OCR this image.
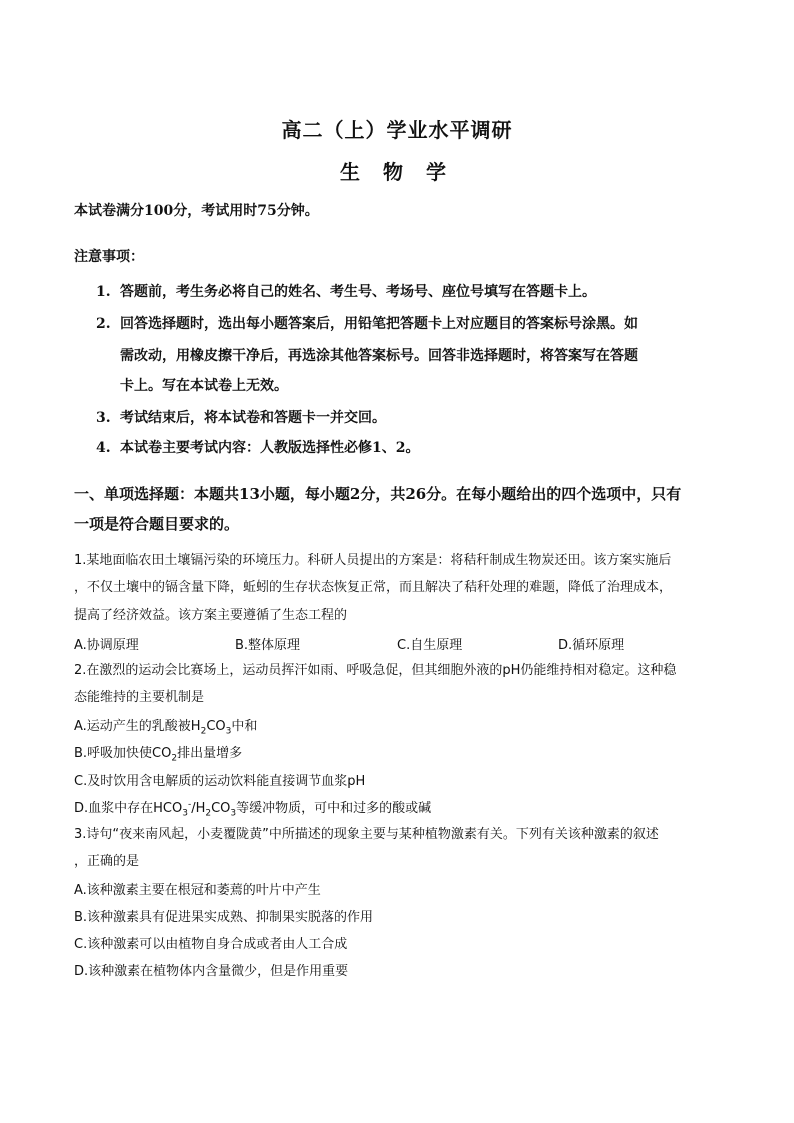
高二（上）学业水平调研
生 物 学
本试卷满分100分，考试用时75分钟。
注意事项：
1. 答题前，考生务必将自己的姓名、考生号、考场号、座位号填写在答题卡上。
2. 回答选择题时，选出每小题答案后，用铅笔把答题卡上对应题目的答案标号涂黑。如
需改动，用橡皮擦干净后，再选涂其他答案标号。回答非选择题时，将答案写在答题
卡上。写在本试卷上无效。
3. 考试结束后，将本试卷和答题卡一并交回。
4. 本试卷主要考试内容：人教版选择性必修1、2。
一、单项选择题：本题共13小题，每小题2分，共26分。在每小题给出的四个选项中，只有
一项是符合题目要求的。
1.某地面临农田土壤镉污染的环境压力。科研人员提出的方案是：将秸秆制成生物炭还田。该方案实施后
，不仅土壤中的镉含量下降，蚯蚓的生存状态恢复正常，而且解决了秸秆处理的难题，降低了治理成本，
提高了经济效益。该方案主要遵循了生态工程的
A.协调原理	B.整体原理	C.自生原理	D.循环原理
2.在激烈的运动会比赛场上，运动员挥汗如雨、呼吸急促，但其细胞外液的pH仍能维持相对稳定。这种稳
态能维持的主要机制是
A.运动产生的乳酸被$H_2CO_3$中和
B.呼吸加快使$CO_2$排出量增多
C.及时饮用含电解质的运动饮料能直接调节血浆pH
D.血浆中存在$HCO_3^-/H_2CO_3$等缓冲物质，可中和过多的酸或碱
3.诗句“夜来南风起，小麦覆陇黄”中所描述的现象主要与某种植物激素有关。下列有关该种激素的叙述
，正确的是
A.该种激素主要在根冠和萎蔫的叶片中产生
B.该种激素具有促进果实成熟、抑制果实脱落的作用
C.该种激素可以由植物自身合成或者由人工合成
D.该种激素在植物体内含量微少，但是作用重要
